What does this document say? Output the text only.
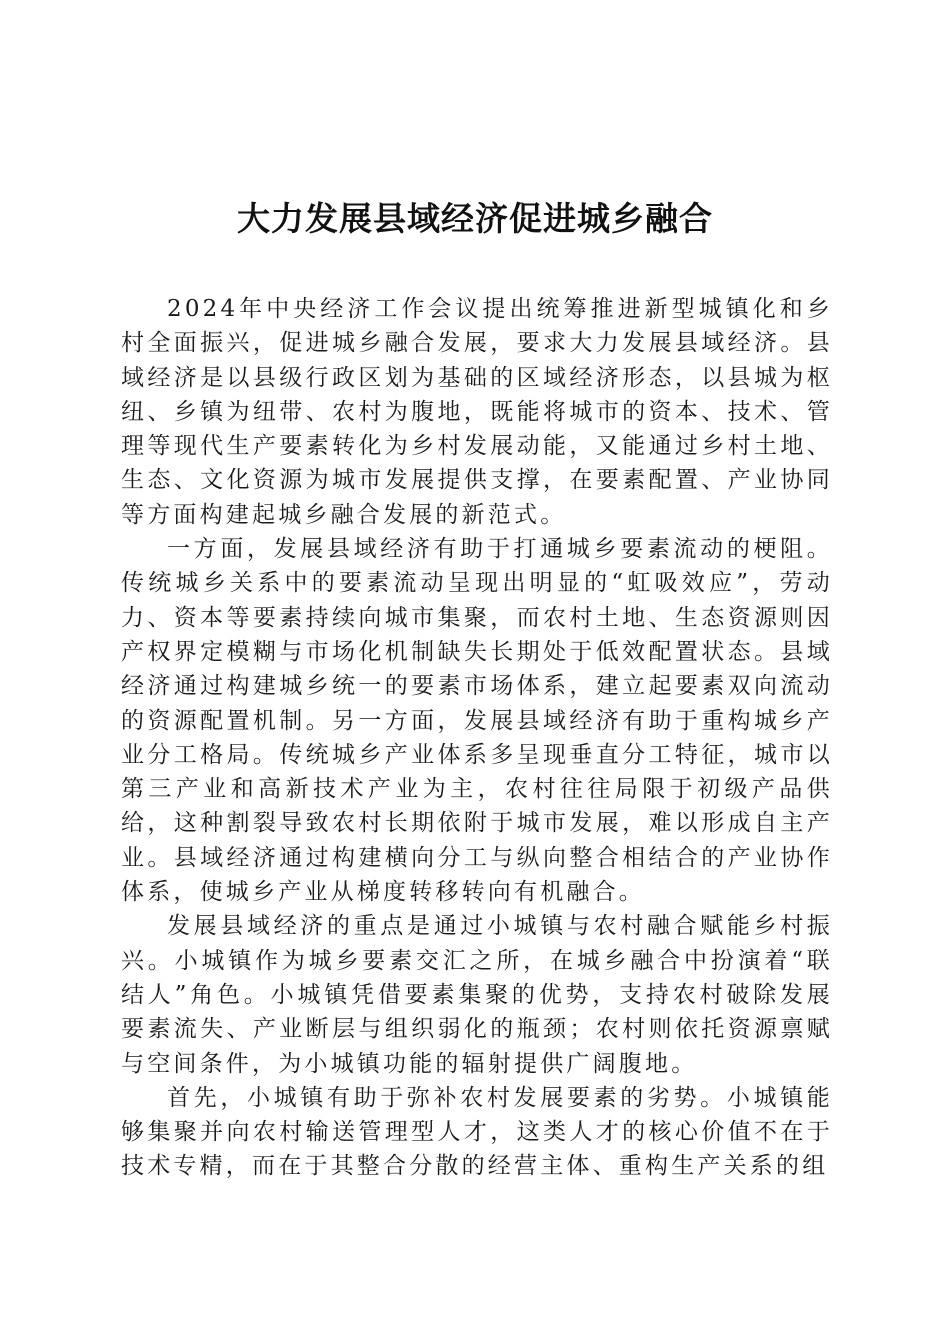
大力发展县域经济促进城乡融合

2024年中央经济工作会议提出统筹推进新型城镇化和乡村全面振兴，促进城乡融合发展，要求大力发展县域经济。县域经济是以县级行政区划为基础的区域经济形态，以县城为枢纽、乡镇为纽带、农村为腹地，既能将城市的资本、技术、管理等现代生产要素转化为乡村发展动能，又能通过乡村土地、生态、文化资源为城市发展提供支撑，在要素配置、产业协同等方面构建起城乡融合发展的新范式。

一方面，发展县域经济有助于打通城乡要素流动的梗阻。传统城乡关系中的要素流动呈现出明显的“虹吸效应”，劳动力、资本等要素持续向城市集聚，而农村土地、生态资源则因产权界定模糊与市场化机制缺失长期处于低效配置状态。县域经济通过构建城乡统一的要素市场体系，建立起要素双向流动的资源配置机制。另一方面，发展县域经济有助于重构城乡产业分工格局。传统城乡产业体系多呈现垂直分工特征，城市以第三产业和高新技术产业为主，农村往往局限于初级产品供给，这种割裂导致农村长期依附于城市发展，难以形成自主产业。县域经济通过构建横向分工与纵向整合相结合的产业协作体系，使城乡产业从梯度转移转向有机融合。

发展县域经济的重点是通过小城镇与农村融合赋能乡村振兴。小城镇作为城乡要素交汇之所，在城乡融合中扮演着“联结人”角色。小城镇凭借要素集聚的优势，支持农村破除发展要素流失、产业断层与组织弱化的瓶颈；农村则依托资源禀赋与空间条件，为小城镇功能的辐射提供广阔腹地。

首先，小城镇有助于弥补农村发展要素的劣势。小城镇能够集聚并向农村输送管理型人才，这类人才的核心价值不在于技术专精，而在于其整合分散的经营主体、重构生产关系的组
